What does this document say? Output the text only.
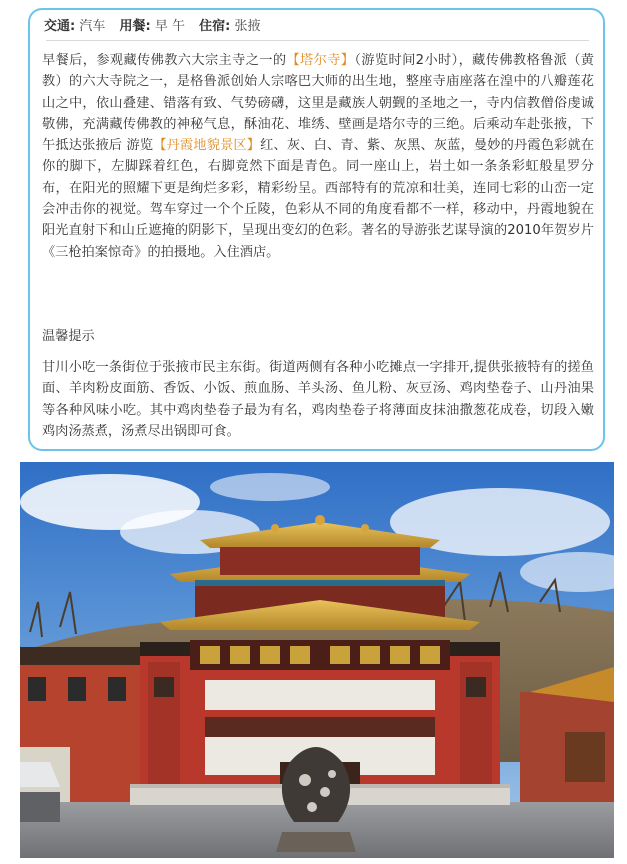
交通: 汽车 用餐: 早 午 住宿: 张掖

早餐后，参观藏传佛教六大宗主寺之一的【塔尔寺】（游览时间2小时），藏传佛教格鲁派（黄教）的六大寺院之一，是格鲁派创始人宗喀巴大师的出生地，整座寺庙座落在湟中的八瓣莲花山之中，依山叠建、错落有致、气势磅礴，这里是藏族人朝觐的圣地之一，寺内信教僧俗虔诚敬佛，充满藏传佛教的神秘气息，酥油花、堆绣、壁画是塔尔寺的三绝。后乘动车赴张掖，下午抵达张掖后 游览【丹霞地貌景区】红、灰、白、青、紫、灰黑、灰蓝，曼妙的丹霞色彩就在你的脚下，左脚踩着红色，右脚竟然下面是青色。同一座山上，岩土如一条条彩虹般星罗分布，在阳光的照耀下更是绚烂多彩，精彩纷呈。西部特有的荒凉和壮美，连同七彩的山峦一定会冲击你的视觉。驾车穿过一个个丘陵，色彩从不同的角度看都不一样，移动中，丹霞地貌在阳光直射下和山丘遮掩的阴影下，呈现出变幻的色彩。著名的导游张艺谋导演的2010年贺岁片《三枪拍案惊奇》的拍摄地。入住酒店。

温馨提示

甘川小吃一条街位于张掖市民主东街。街道两侧有各种小吃摊点一字排开,提供张掖特有的搓鱼面、羊肉粉皮面筋、香饭、小饭、煎血肠、羊头汤、鱼儿粉、灰豆汤、鸡肉垫卷子、山丹油果等各种风味小吃。其中鸡肉垫卷子最为有名，鸡肉垫卷子将薄面皮抹油撒葱花成卷，切段入嫩鸡肉汤蒸煮，汤煮尽出锅即可食。
